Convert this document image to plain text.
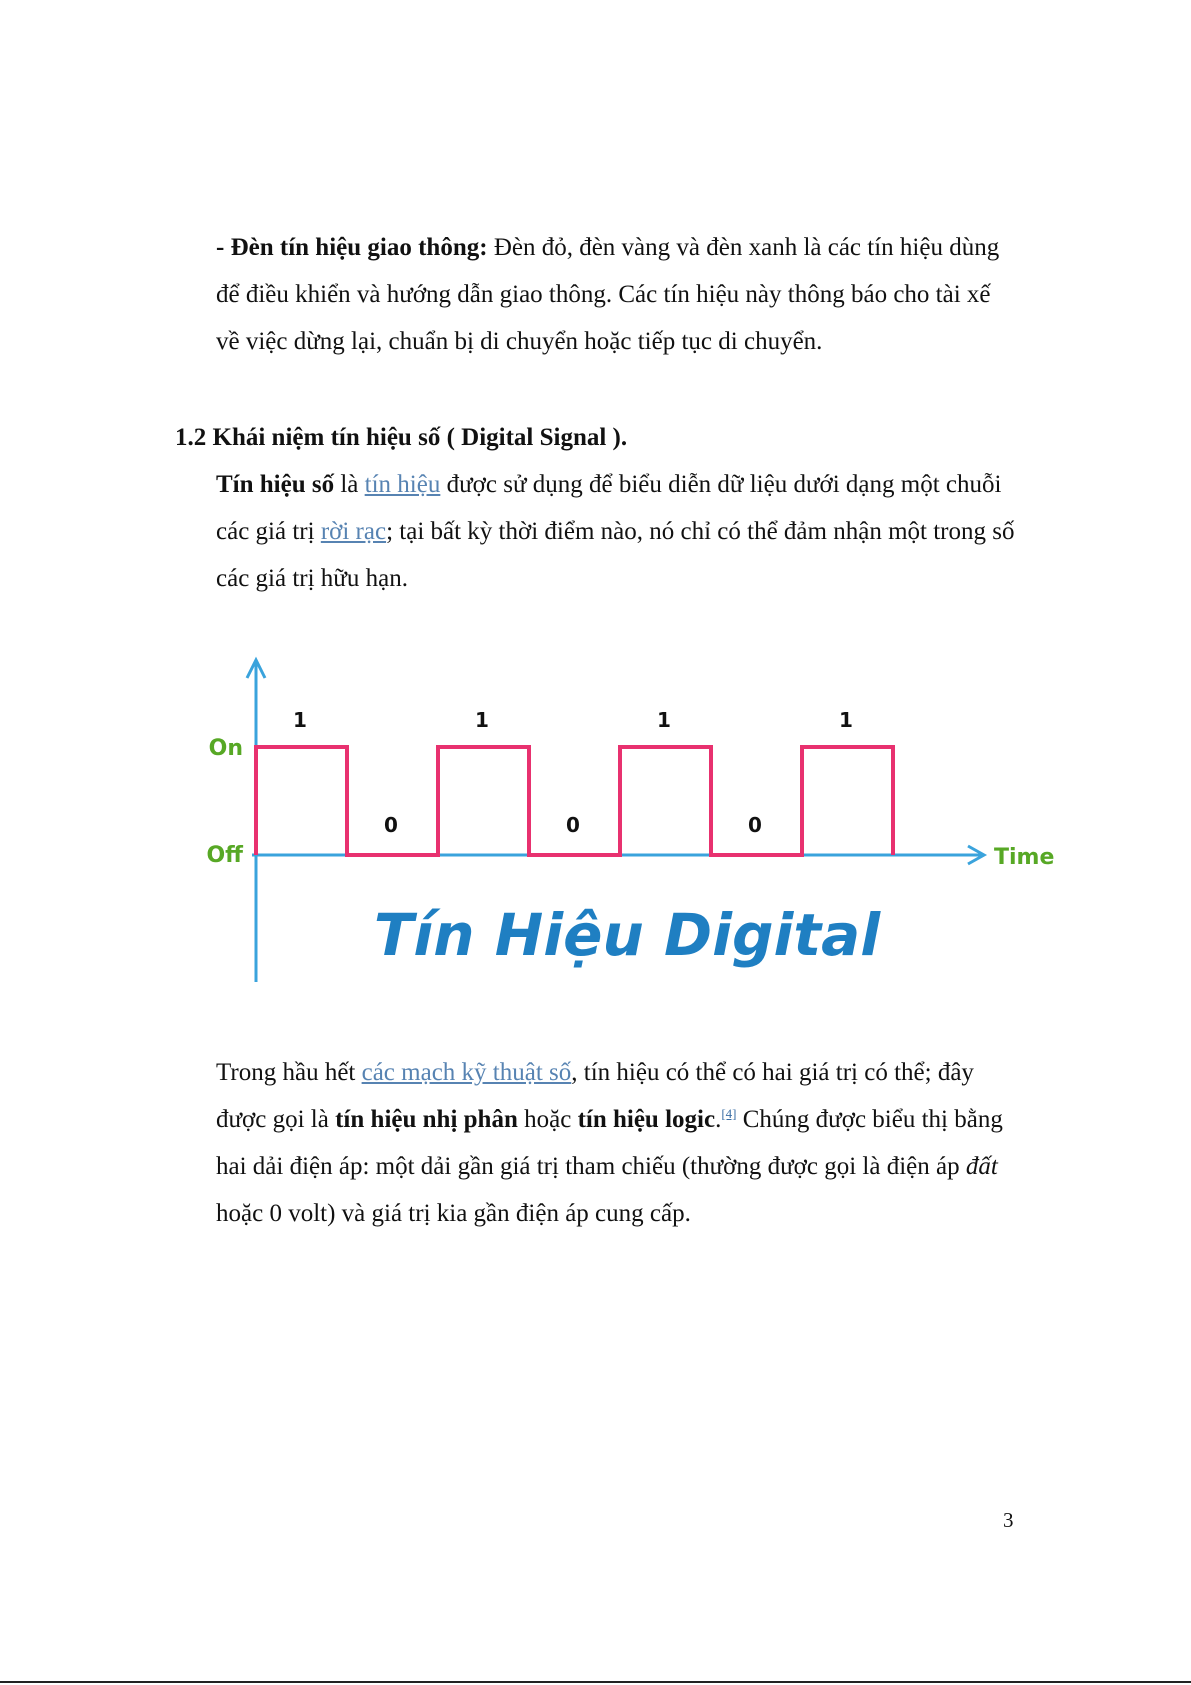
- Đèn tín hiệu giao thông: Đèn đỏ, đèn vàng và đèn xanh là các tín hiệu dùng để điều khiển và hướng dẫn giao thông. Các tín hiệu này thông báo cho tài xế về việc dừng lại, chuẩn bị di chuyển hoặc tiếp tục di chuyển.

1.2 Khái niệm tín hiệu số ( Digital Signal ).

Tín hiệu số là tín hiệu được sử dụng để biểu diễn dữ liệu dưới dạng một chuỗi các giá trị rời rạc; tại bất kỳ thời điểm nào, nó chỉ có thể đảm nhận một trong số các giá trị hữu hạn.

On
Off	Time
1
0
1
0
1
0
1
Tín Hiệu Digital

Trong hầu hết các mạch kỹ thuật số, tín hiệu có thể có hai giá trị có thể; đây được gọi là tín hiệu nhị phân hoặc tín hiệu logic.[4] Chúng được biểu thị bằng hai dải điện áp: một dải gần giá trị tham chiếu (thường được gọi là điện áp đất hoặc 0 volt) và giá trị kia gần điện áp cung cấp.

3
